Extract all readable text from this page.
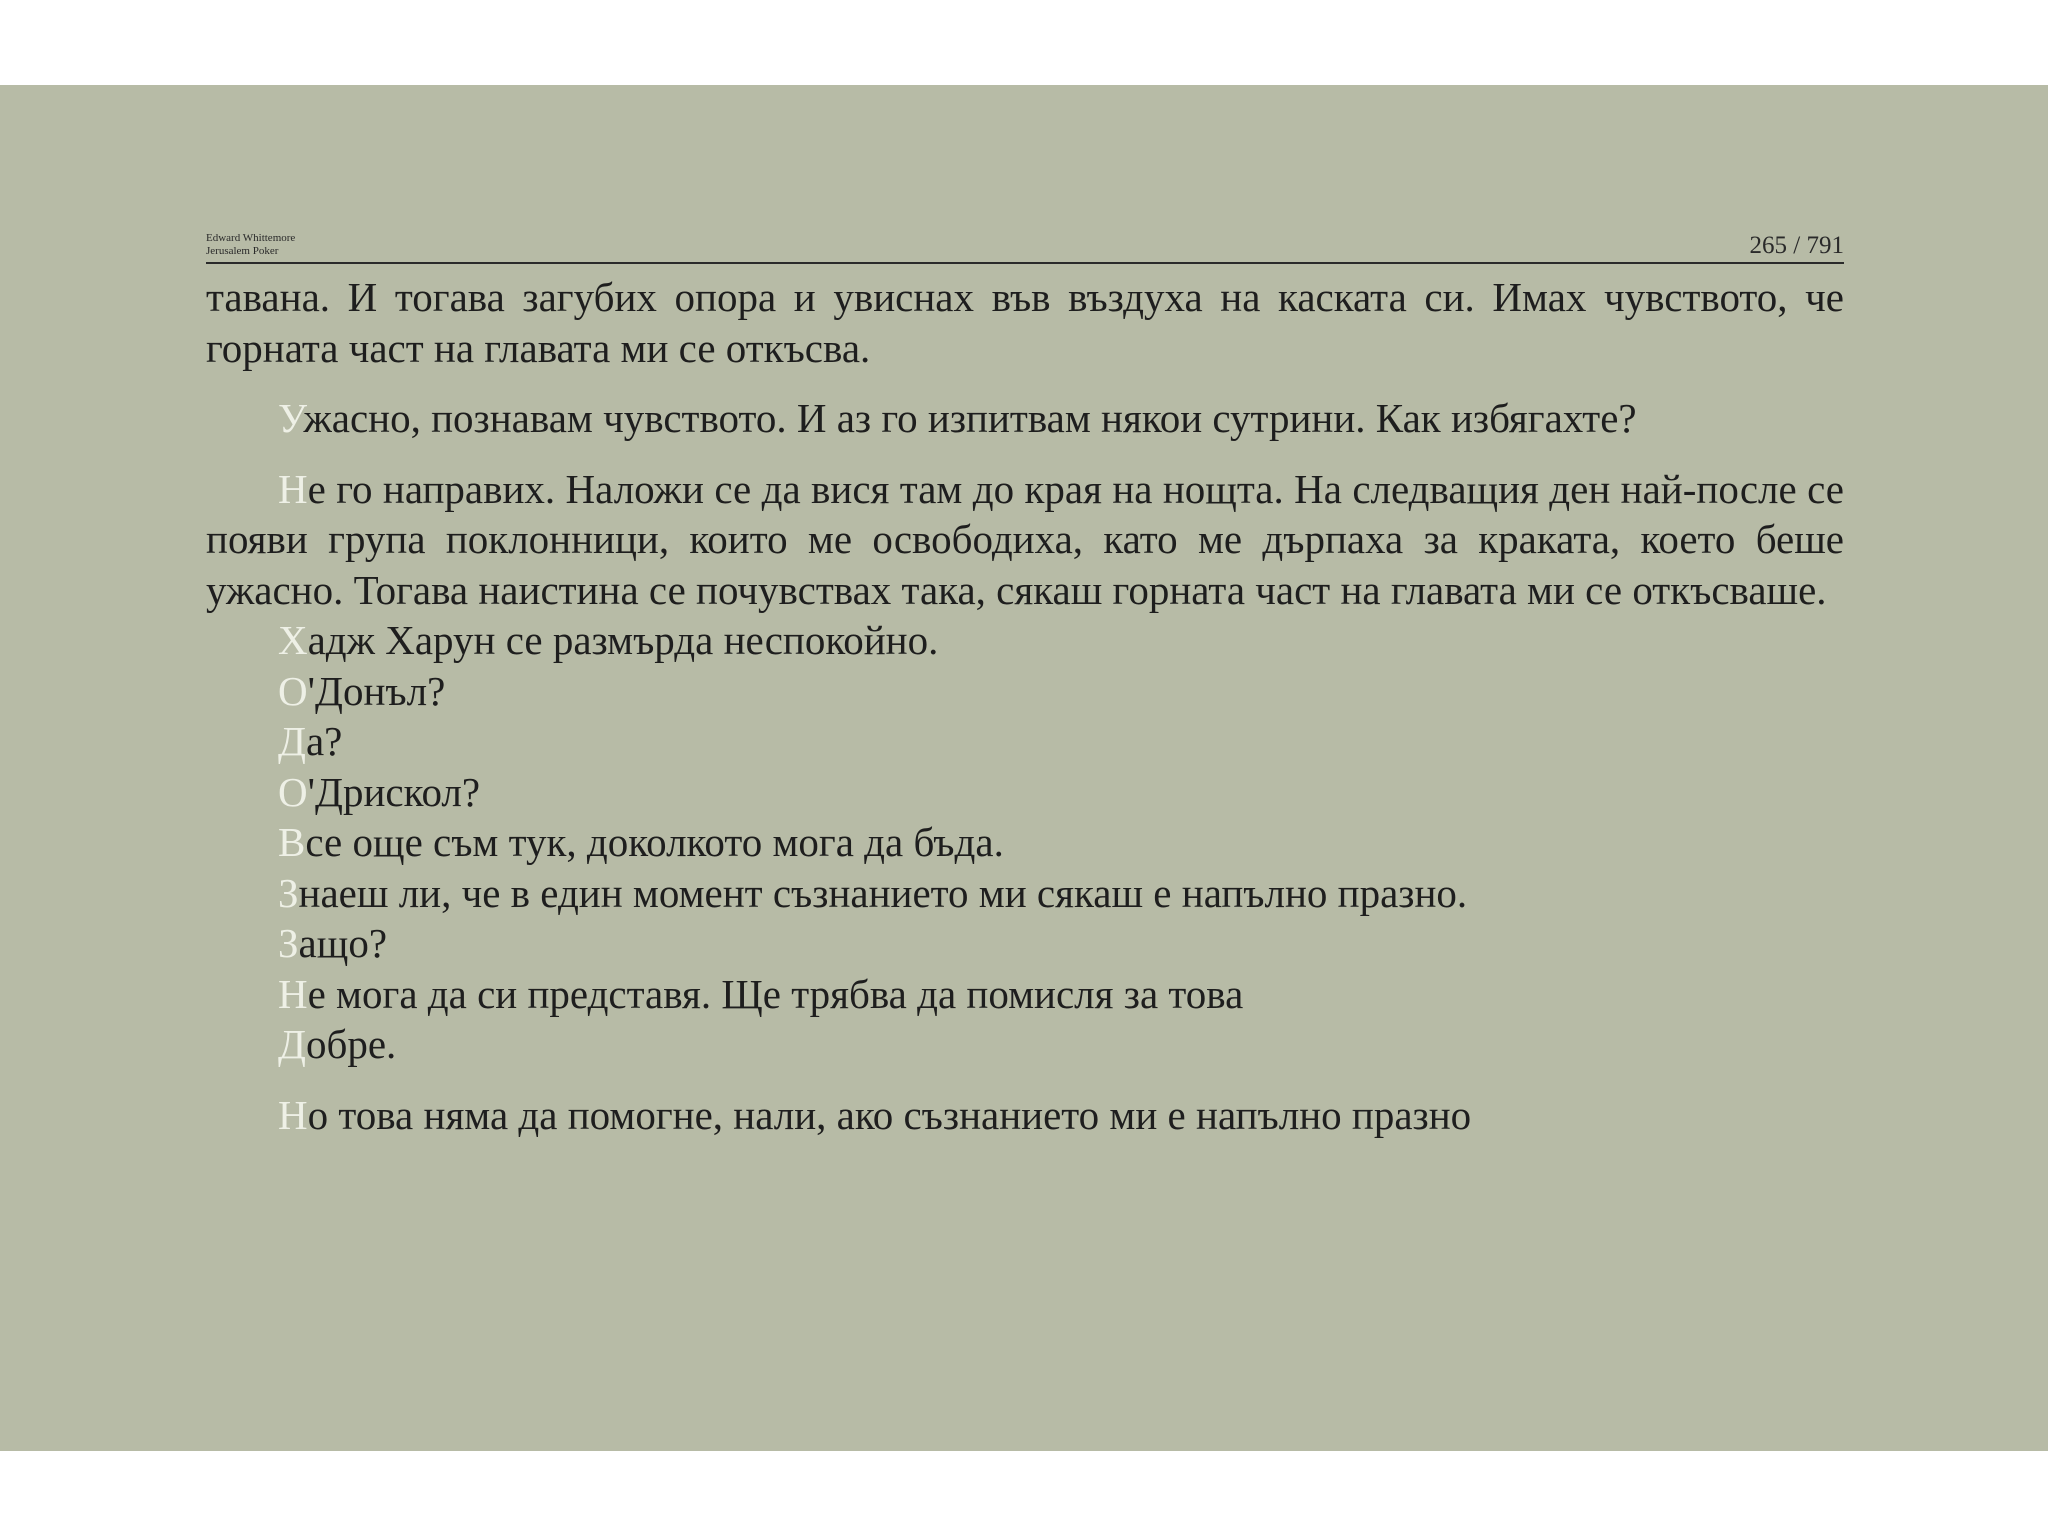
Edward Whittemore
Jerusalem Poker	265 / 791

тавана. И тогава загубих опора и увиснах във въздуха на каската си. Имах чувството, че горната част на главата ми се откъсва.

Ужасно, познавам чувството. И аз го изпитвам някои сутрини. Как избягахте?

Не го направих. Наложи се да вися там до края на нощта. На следващия ден най-после се появи група поклонници, които ме освободиха, като ме дърпаха за краката, което беше ужасно. Тогава наистина се почувствах така, сякаш горната част на главата ми се откъсваше.

Хадж Харун се размърда неспокойно.

О'Донъл?

Да?

О'Дрискол?

Все още съм тук, доколкото мога да бъда.

Знаеш ли, че в един момент съзнанието ми сякаш е напълно празно.

Защо?

Не мога да си представя. Ще трябва да помисля за това

Добре.

Но това няма да помогне, нали, ако съзнанието ми е напълно празно
